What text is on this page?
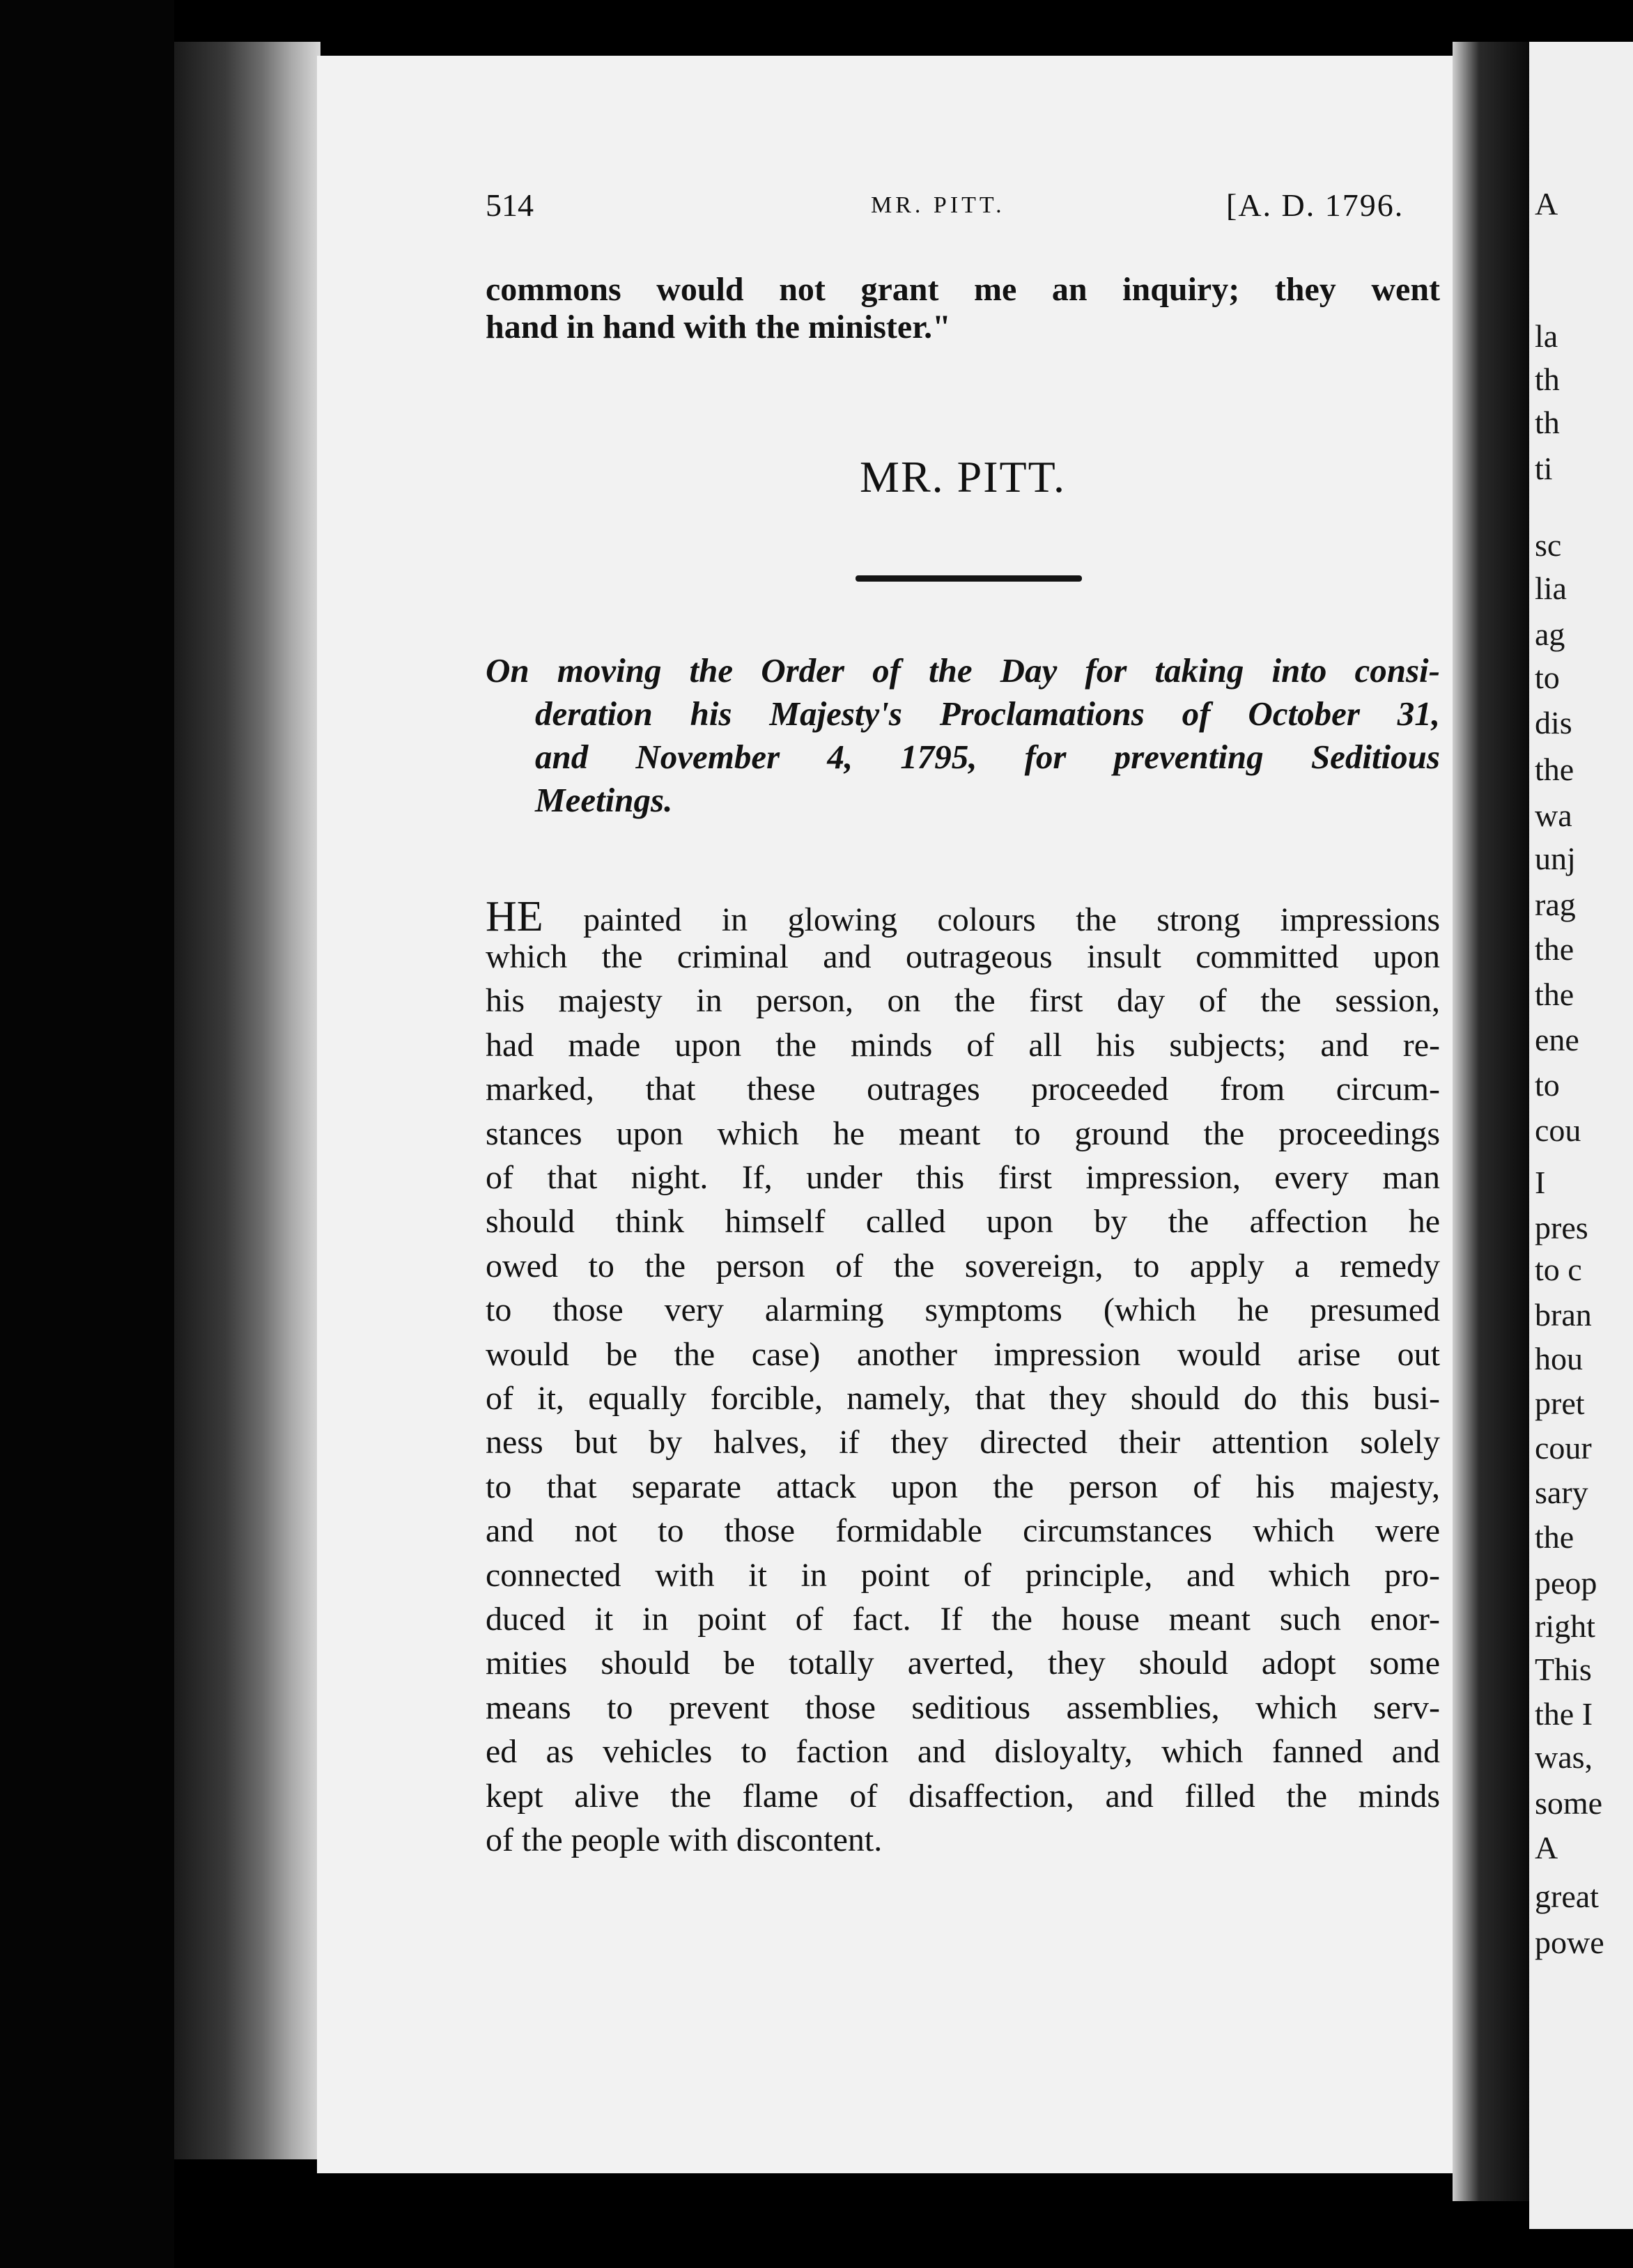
A
la
th
th
ti
sc
lia
ag
to
dis
the
wa
unj
rag
the
the
ene
to
cou
I
pres
to c
bran
hou
pret
cour
sary
the
peop
right
This
the I
was,
some
A
great
powe
514	MR. PITT.	[A. D. 1796.
commons would not grant me an inquiry; they went
hand in hand with the minister."
MR. PITT.
On moving the Order of the Day for taking into consi-
deration his Majesty's Proclamations of October 31,
and November 4, 1795, for preventing Seditious
Meetings.
HE painted in glowing colours the strong impressions
which the criminal and outrageous insult committed upon
his majesty in person, on the first day of the session,
had made upon the minds of all his subjects; and re-
marked, that these outrages proceeded from circum-
stances upon which he meant to ground the proceedings
of that night. If, under this first impression, every man
should think himself called upon by the affection he
owed to the person of the sovereign, to apply a remedy
to those very alarming symptoms (which he presumed
would be the case) another impression would arise out
of it, equally forcible, namely, that they should do this busi-
ness but by halves, if they directed their attention solely
to that separate attack upon the person of his majesty,
and not to those formidable circumstances which were
connected with it in point of principle, and which pro-
duced it in point of fact. If the house meant such enor-
mities should be totally averted, they should adopt some
means to prevent those seditious assemblies, which serv-
ed as vehicles to faction and disloyalty, which fanned and
kept alive the flame of disaffection, and filled the minds
of the people with discontent.
